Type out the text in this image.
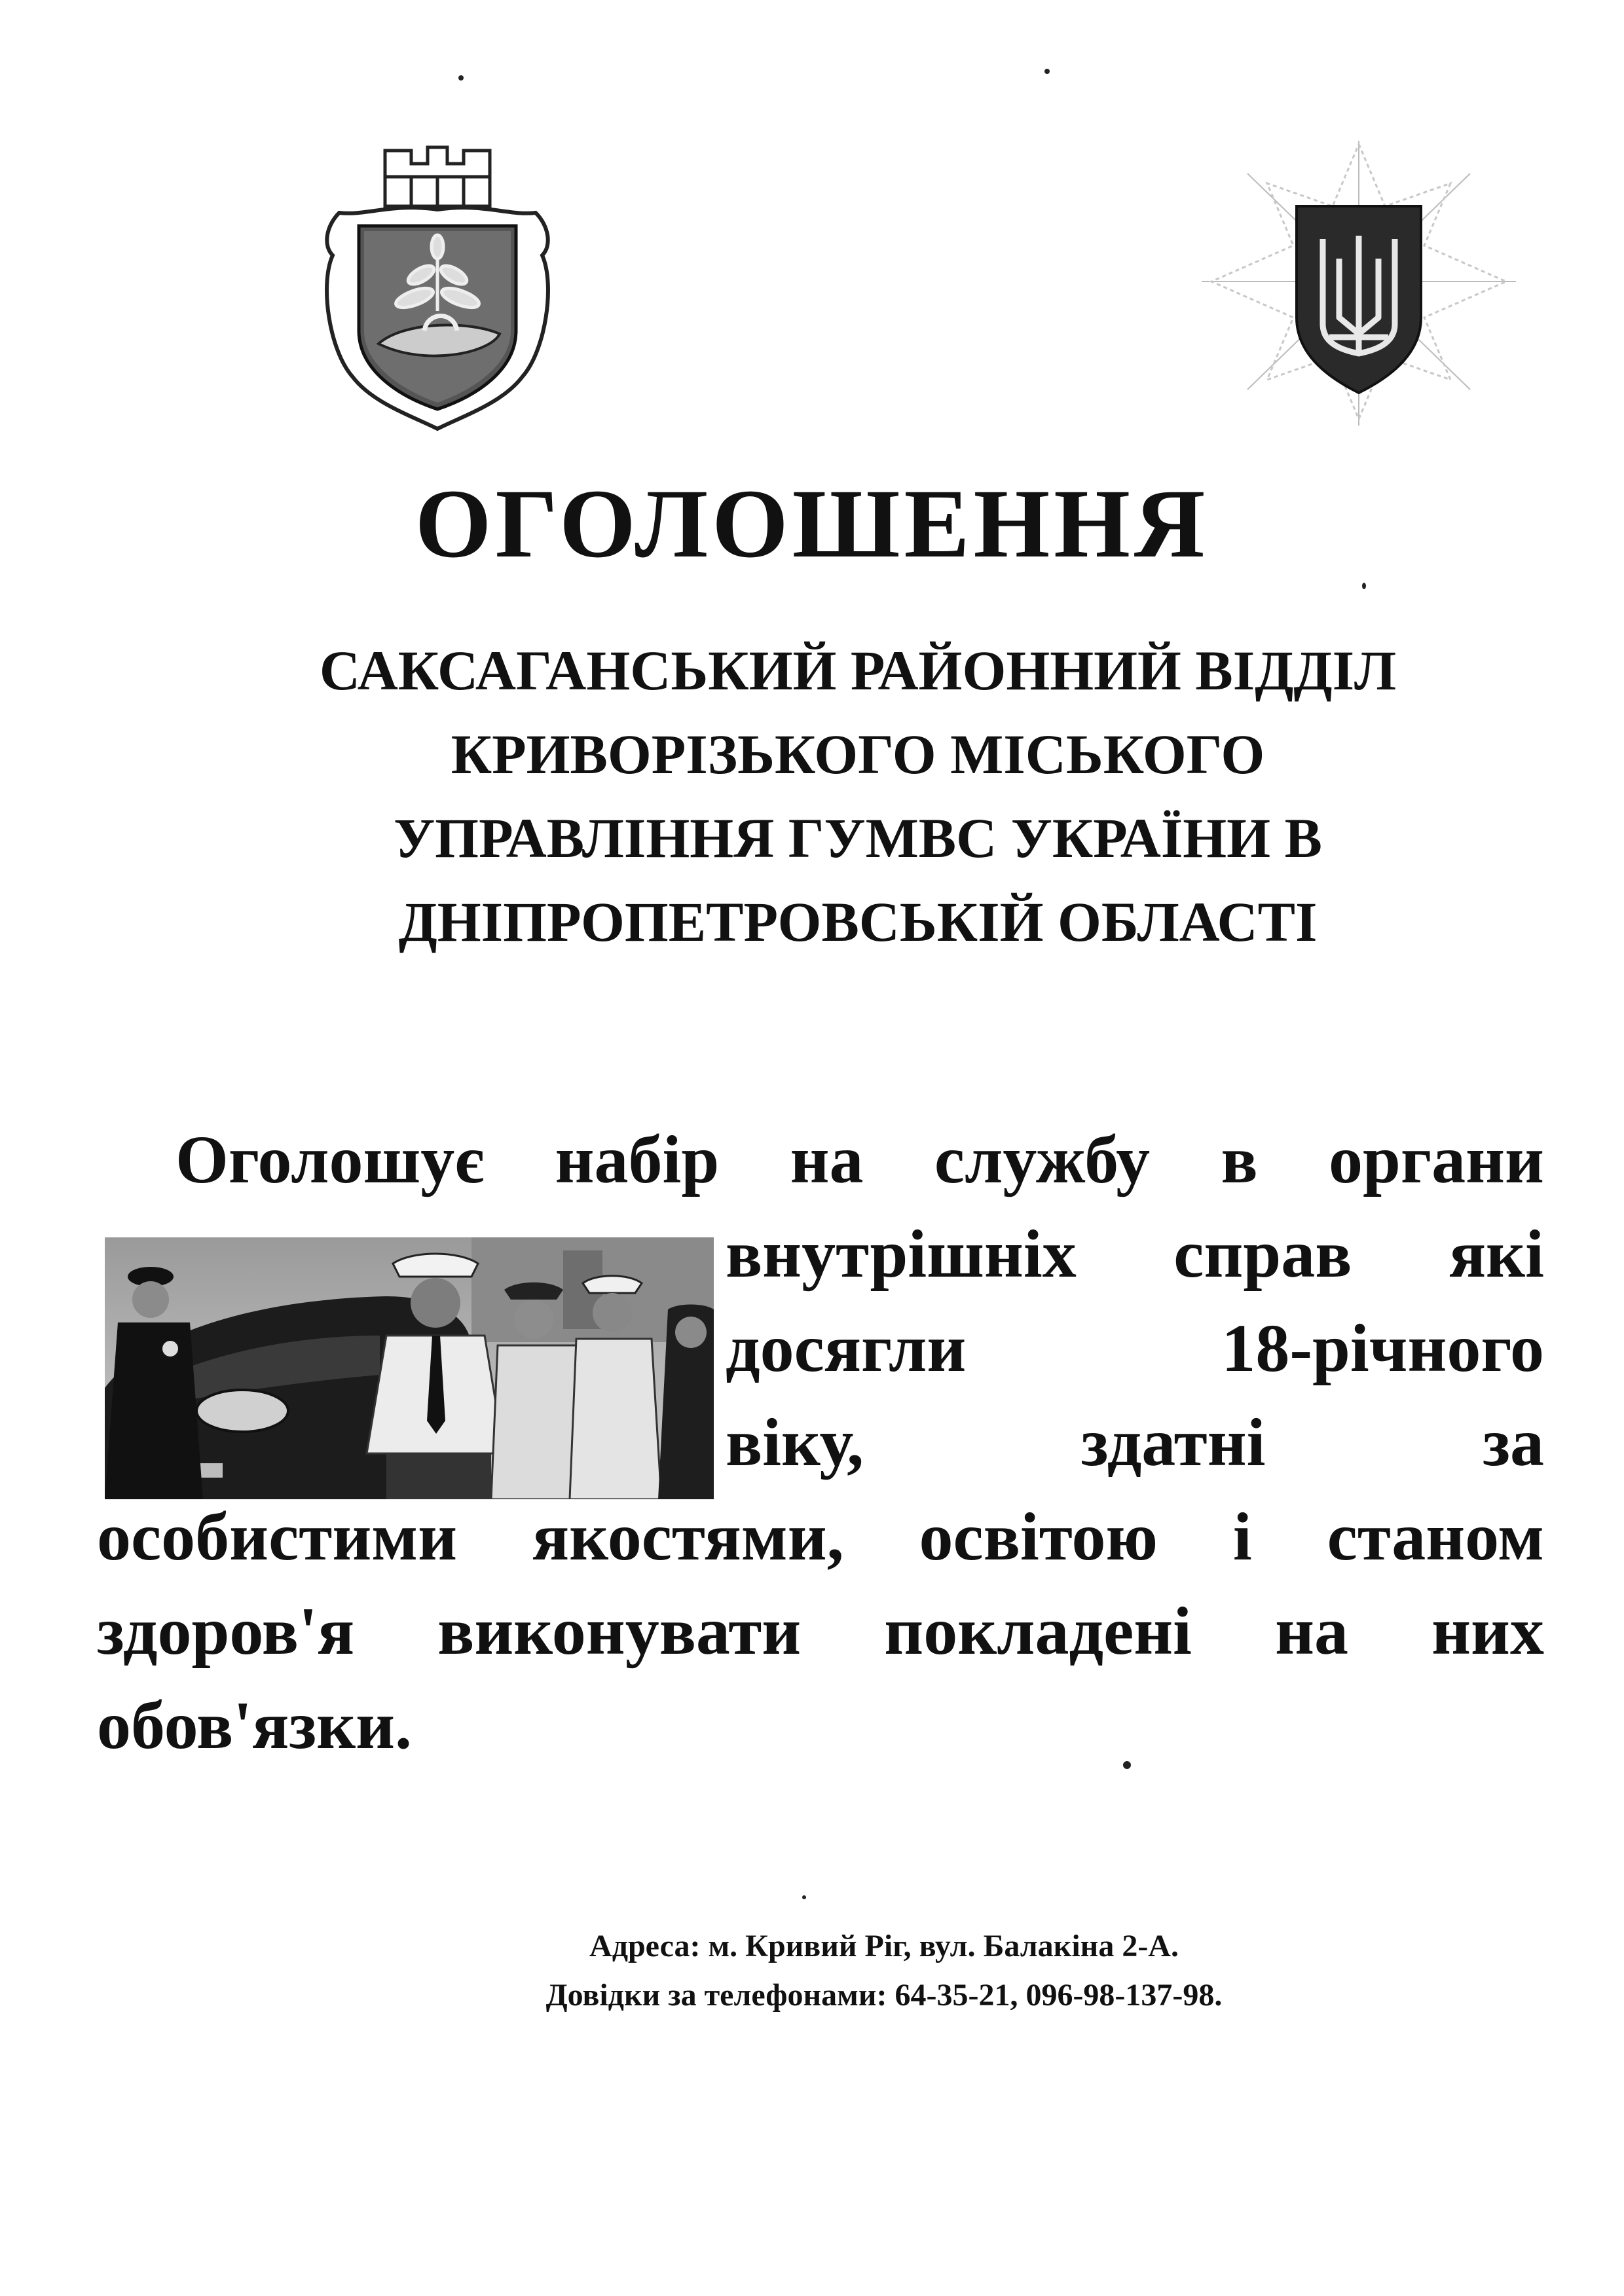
ОГОЛОШЕННЯ
САКСАГАНСЬКИЙ РАЙОННИЙ ВІДДІЛ
КРИВОРІЗЬКОГО МІСЬКОГО
УПРАВЛІННЯ ГУМВС УКРАЇНИ В
ДНІПРОПЕТРОВСЬКІЙ ОБЛАСТІ
Оголошує набір на службу в органи
внутрішніх справ які
досягли	18-річного
віку,	здатні	за
особистими якостями, освітою і станом
здоров'я виконувати покладені на них
обов'язки.
Адреса: м. Кривий Ріг, вул. Балакіна 2-А.
Довідки за телефонами: 64-35-21, 096-98-137-98.
